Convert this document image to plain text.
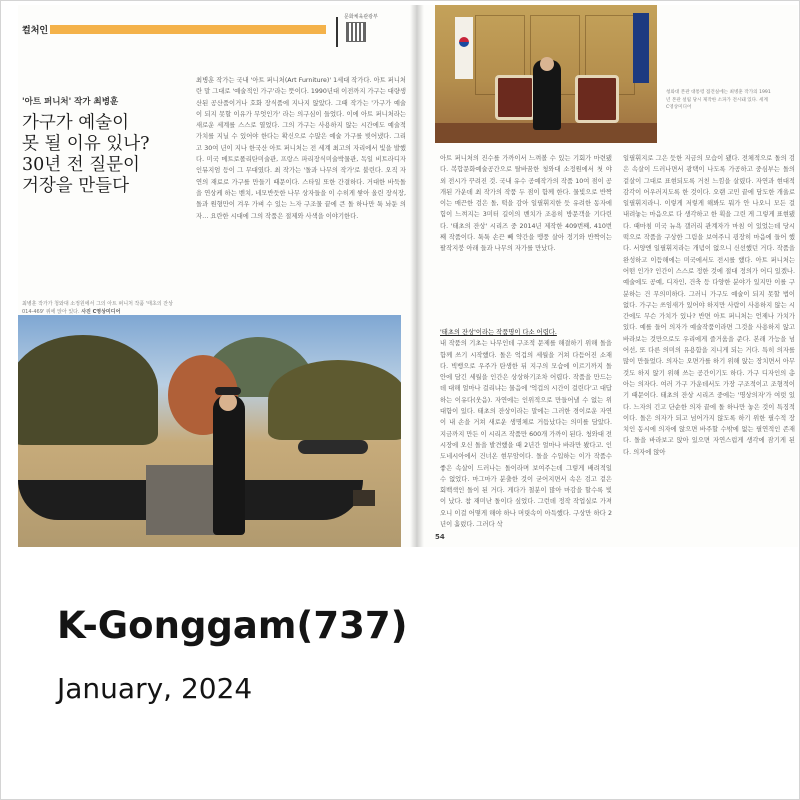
컬처인
문화체육관광부
'아트 퍼니처' 작가 최병훈
가구가 예술이
못 될 이유 있나?
30년 전 질문이
거장을 만들다
최병훈 작가는 국내 '아트 퍼니처(Art Furniture)' 1세대 작가다. 아트 퍼니처란 말 그대로 '예술적인 가구'라는 뜻이다. 1990년대 이전까지 가구는 대량생산된 공산품이거나 호화 장식품에 지나지 않았다. 그때 작가는 '가구가 예술이 되지 못할 이유가 무엇인가' 라는 의구심이 들었다. 이에 아트 퍼니처라는 새로운 세계를 스스로 열었다. 그의 가구는 사용하지 않는 시간에도 예술적 가치를 지닐 수 있어야 한다는 확신으로 수많은 예술 가구를 빚어냈다. 그리고 30여 년이 지나 한국산 아트 퍼니처는 전 세계 최고의 자리에서 빛을 발했다. 미국 메트로폴리탄미술관, 프랑스 파리장식미술박물관, 독일 비트라디자인뮤지엄 등이 그 무대였다. 최 작가는 '돌과 나무의 작가'로 불린다. 오직 자연의 재료로 가구를 만들기 때문이다. 스타일 또한 간결하다. 거대한 바둑돌을 연상케 하는 벤치, 네모반듯한 나무 상자들을 이 수히게 쌓아 올린 장식장, 돌과 원형만이 겨우 가벼 수 있는 느자 구조물 끝에 큰 돌 하나만 툭 놔둔 의자… 요란한 시대에 그의 작품은 절제와 사색을 이야기한다.
최병훈 작가가 청와대 소정원에서 그의 아트 퍼니처 작품 '태초의 잔상 014-469' 위에 앉아 있다. 사진 C영상미디어
청와대 본관 대통령 접견실에는 최병훈 작가의 1991년 본관 설립 당시 제작한 소파가 전시돼 있다. 세계 C영상미디어
아트 퍼니처의 진수를 가까이서 느껴볼 수 있는 기회가 마련됐다. 복합문화예술공간으로 탈바꿈한 청와대 소정원에서 첫 야외 전시가 꾸려진 것. 국내 유수 공예작가의 작품 10여 점이 공개된 가운데 최 작가의 작품 두 점이 함께 한다. 물빛으로 반짝이는 매끈한 검은 돌, 떡을 감아 일필휘지한 듯 유려한 동자에 힘이 느껴지는 3미터 길이의 벤치가 조용히 방문객을 기다린다. '태초의 잔상' 시리즈 중 2014년 제작한 409번째, 410번째 작품이다. 툭툭 손끈 빼 약간을 맹풍 살아 정기와 반짝이는 팔작지붕 아래 들과 나무의 자가를 만났다.
'태초의 잔상'이라는 작품명이 다소 어렵다.
내 작품의 기초는 나무인데 구조적 문제를 해결하기 위해 돌을 함께 쓰기 시작했다. 돌은 억겁의 세월을 거쳐 다듬어진 소재다. 빅뱅으로 우주가 탄생한 뒤 지구의 모습에 이르기까지 돌 안에 담긴 세월을 인간은 상상하기조차 어렵다. 작품을 만드는 데 대해 얼마나 걸리냐는 물음에 '억겁의 시간이 걸린다'고 대답하는 이유다(웃음). 자연에는 인위적으로 만들어낼 수 없는 위대함이 있다. 태초의 잔상이라는 말에는 그러한 경이로운 자연이 내 손을 거쳐 새로운 생명체로 거듭났다는 의미를 담았다. 지금까지 만든 이 시리즈 작품만 600개 가까이 된다. 청와대 전시장에 오신 돌을 발견했을 때 2년간 얼마나 바라만 봤다고. 인도네시아에서 건너온 현무암이다. 돌을 수입하는 이가 작품수 좋은 속살이 드러나는 돌이라며 보여주는데 그렇게 배려적일 수 없었다. 마그마가 분출한 것이 굳어지면서 속은 검고 겉은 회백색인 돌이 된 거다. 게다가 철분이 많아 마감을 할수록 빛이 났다. 참 재미난 돌이다 싶었다. 그런데 정작 작업실로 가져오니 이걸 어떻게 해야 하나 머릿속이 아득했다. 구상만 하다 2년이 흘렀다. 그러다 삭
일필휘지로 그은 듯한 지금의 모습이 됐다. 전체적으로 돌의 검은 속살이 드러나면서 광택이 나도록 가공하고 중심부는 돌의 겉살이 그대로 표현되도록 거친 느낌을 살렸다. 자연과 현대적 감각이 어우러지도록 한 것이다. 오랜 고민 끝에 담도한 개울로 일필휘지라니. 이렇게 저렇게 해봐도 뭐가 안 나오니 모든 걸 내려놓는 마음으로 다 생각하고 한 획을 그린 게 그렇게 표현됐다. 때마침 미국 뉴욕 갤러리 관계자가 마침 이 있었는데 당시 떡으로 작품을 구상한 그림을 보여주니 굉장히 마음에 들어 했다. 서양엔 일필휘지라는 개념이 없으니 신선했던 거다. 작품을 완성하고 이듬해에는 미국에서도 전시를 했다. 아트 퍼니처는 어떤 인가? 인간이 스스로 정한 것에 절대 정의가 어디 있겠나. 예술에도 공예, 디자인, 건축 등 다양한 분야가 있지만 이를 구분하는 건 무의미하다. 그러니 가구도 예술이 되지 못할 법이 없다. 가구는 쓰임새가 있어야 하지만 사람이 사용하지 않는 시간에도 무슨 가치가 있나? 반면 아트 퍼니처는 언제나 가치가 있다. 예를 들어 의자가 예술작품이라면 그것을 사용하지 않고 바라보는 것만으로도 우리에게 즐거움을 준다. 본래 가능을 넘어선, 또 다른 의미의 유용함을 지니게 되는 거다. 특히 의자를 많이 만들었다. 의자는 오면가를 하기 위해 앉는 장치면서 아무것도 하지 않기 위해 쓰는 공간이기도 하다. 가구 디자인의 총아는 의자다. 여러 가구 가운데서도 가장 구조적이고 조형적이기 때문이다. 태초의 잔상 시리즈 중에는 '명상의자'가 여럿 있다. 느자의 긴고 단순한 의자 끝에 돌 하나만 놓은 것이 특징적이다. 돌은 의자가 되고 넘어가지 않도록 하기 위한 필수적 장치인 동시에 의자에 앉으면 바주할 수밖에 없는 필연적인 존재다. 돌을 바라보고 앉아 있으면 자연스럽게 생각에 잠기게 된다. 의자에 앉아
54
K-Gonggam(737)
January, 2024
